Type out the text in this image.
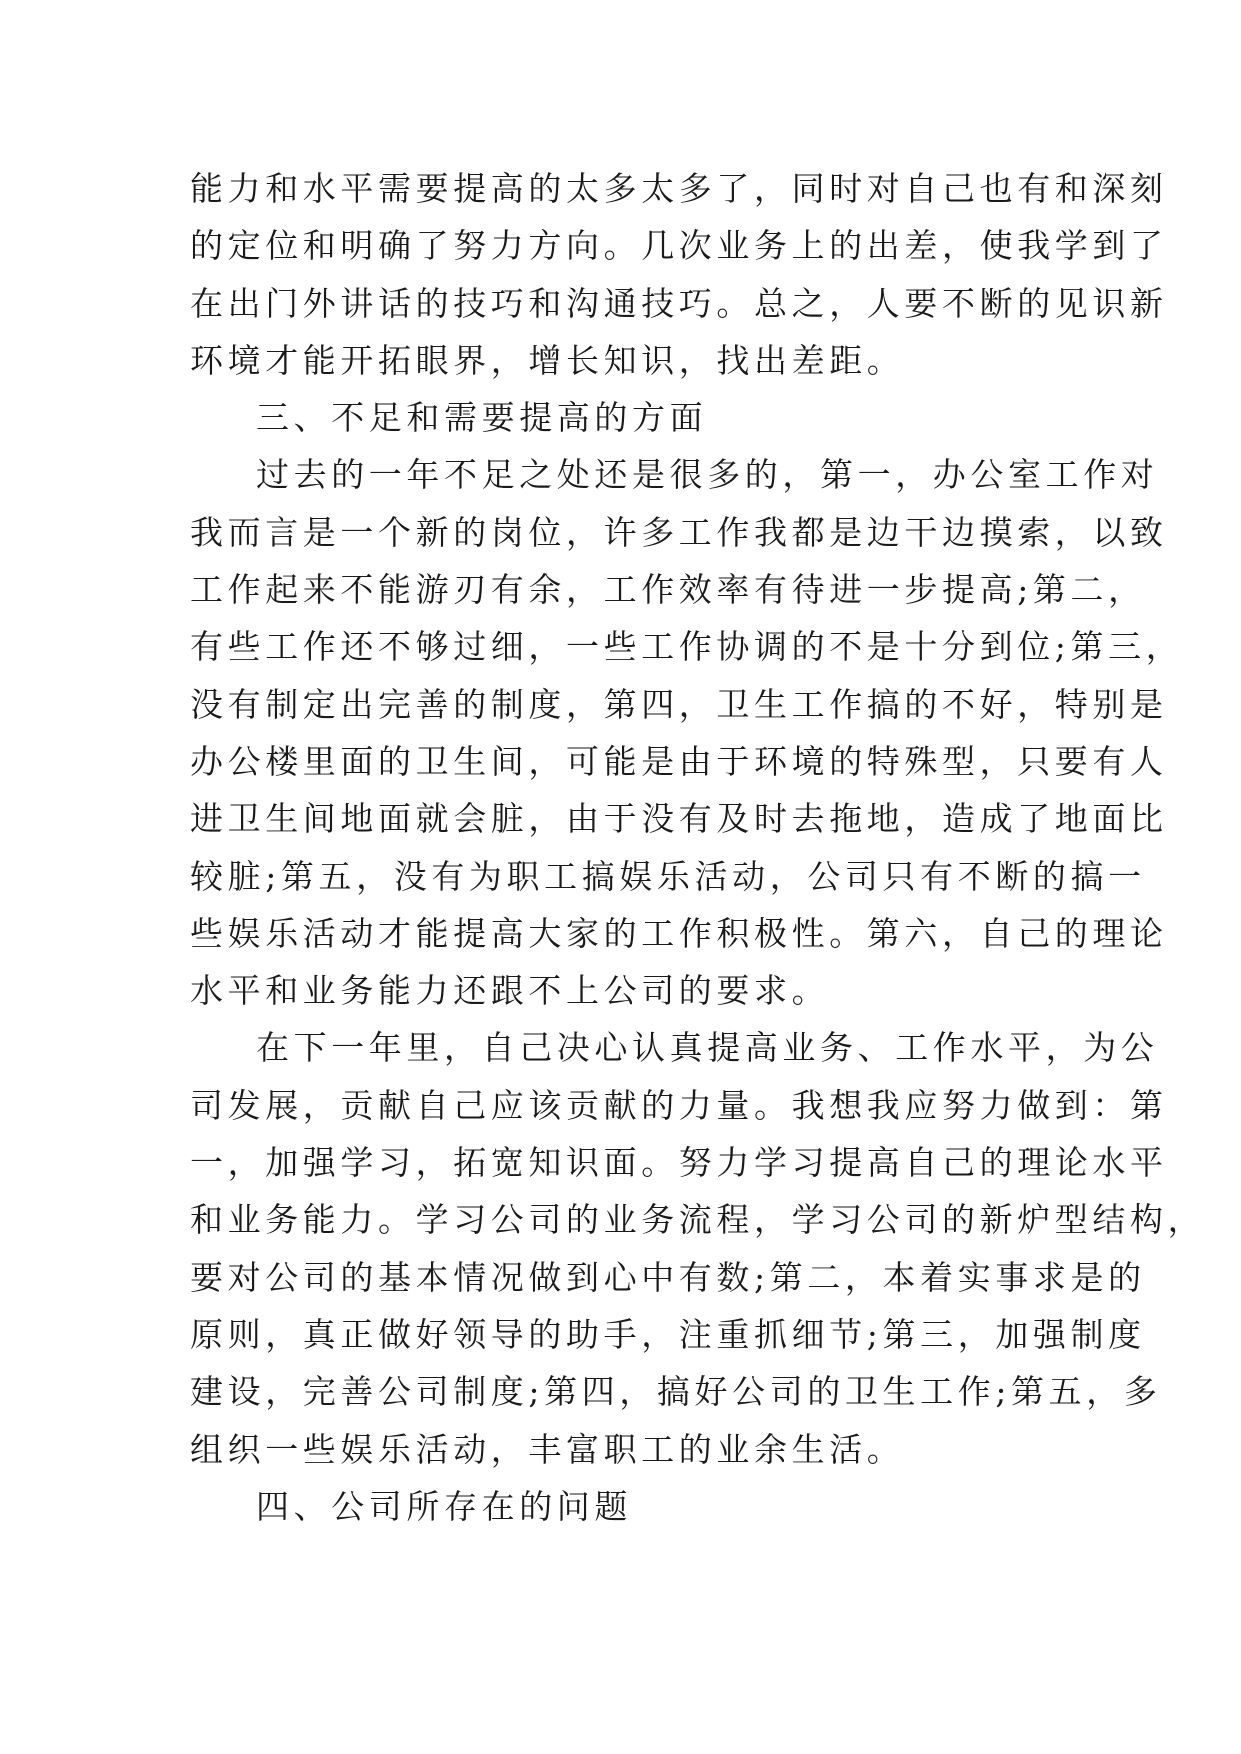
能力和水平需要提高的太多太多了，同时对自己也有和深刻
的定位和明确了努力方向。几次业务上的出差，使我学到了
在出门外讲话的技巧和沟通技巧。总之，人要不断的见识新
环境才能开拓眼界，增长知识，找出差距。
三、不足和需要提高的方面
过去的一年不足之处还是很多的，第一，办公室工作对
我而言是一个新的岗位，许多工作我都是边干边摸索，以致
工作起来不能游刃有余，工作效率有待进一步提高;第二，
有些工作还不够过细，一些工作协调的不是十分到位;第三，
没有制定出完善的制度，第四，卫生工作搞的不好，特别是
办公楼里面的卫生间，可能是由于环境的特殊型，只要有人
进卫生间地面就会脏，由于没有及时去拖地，造成了地面比
较脏;第五，没有为职工搞娱乐活动，公司只有不断的搞一
些娱乐活动才能提高大家的工作积极性。第六，自己的理论
水平和业务能力还跟不上公司的要求。
在下一年里，自己决心认真提高业务、工作水平，为公
司发展，贡献自己应该贡献的力量。我想我应努力做到：第
一，加强学习，拓宽知识面。努力学习提高自己的理论水平
和业务能力。学习公司的业务流程，学习公司的新炉型结构，
要对公司的基本情况做到心中有数;第二，本着实事求是的
原则，真正做好领导的助手，注重抓细节;第三，加强制度
建设，完善公司制度;第四，搞好公司的卫生工作;第五，多
组织一些娱乐活动，丰富职工的业余生活。
四、公司所存在的问题
